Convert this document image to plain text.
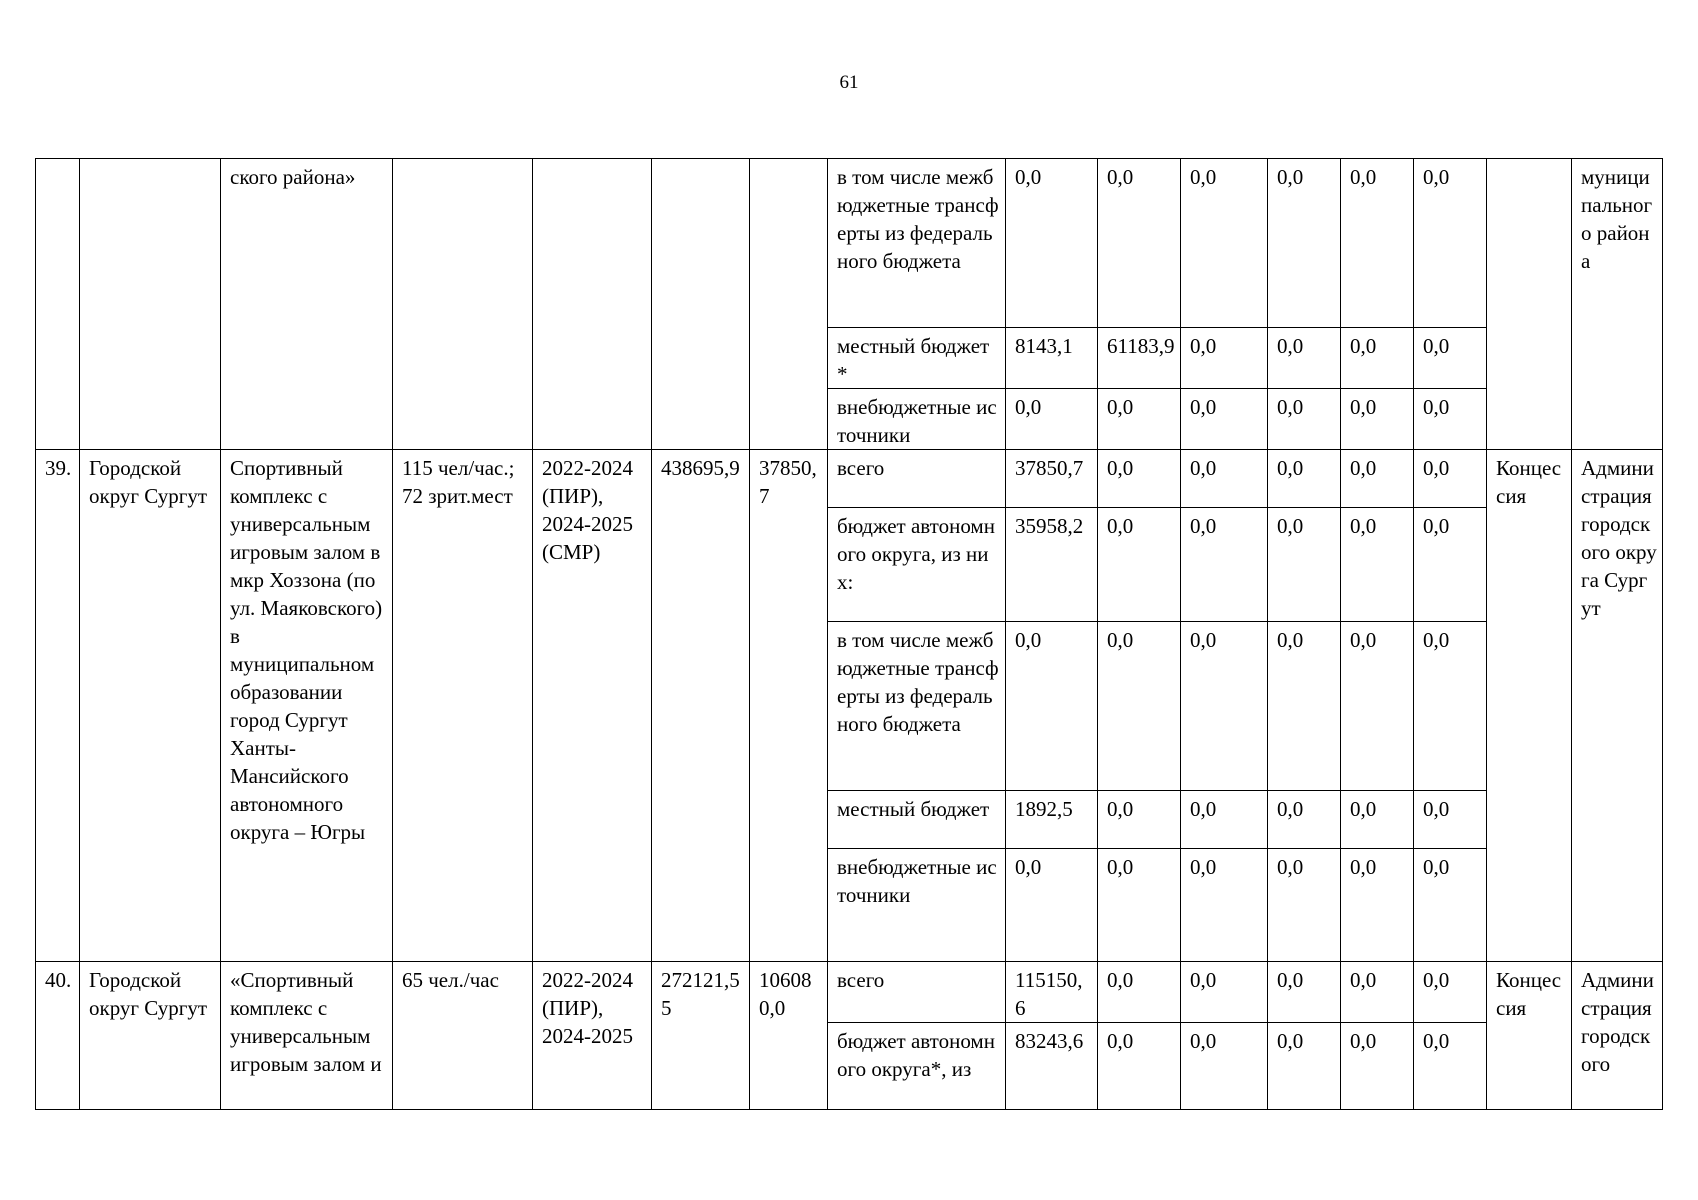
61
		ского района»					в том числе межбюджетные трансферты из федерального бюджета	0,0	0,0	0,0	0,0	0,0	0,0		муниципального района
							местный бюджет *	8143,1	61183,9	0,0	0,0	0,0	0,0		
							внебюджетные источники	0,0	0,0	0,0	0,0	0,0	0,0		
39.	Городской округ Сургут	Спортивный комплекс с универсальным игровым залом в мкр Хоззона (по ул. Маяковского) в муниципальном образовании город Сургут Ханты-Мансийского автономного округа – Югры	115 чел/час.; 72 зрит.мест	2022-2024 (ПИР), 2024-2025 (СМР)	438695,9	37850,7	всего	37850,7	0,0	0,0	0,0	0,0	0,0	Концессия	Администрация городского округа Сургут
							бюджет автономного округа, из них:	35958,2	0,0	0,0	0,0	0,0	0,0		
							в том числе межбюджетные трансферты из федерального бюджета	0,0	0,0	0,0	0,0	0,0	0,0		
							местный бюджет	1892,5	0,0	0,0	0,0	0,0	0,0		
							внебюджетные источники	0,0	0,0	0,0	0,0	0,0	0,0		
40.	Городской округ Сургут	«Спортивный комплекс с универсальным игровым залом и	65 чел./час	2022-2024 (ПИР), 2024-2025	272121,55	106080,0	всего	115150,6	0,0	0,0	0,0	0,0	0,0	Концессия	Администрация городского
							бюджет автономного округа*, из	83243,6	0,0	0,0	0,0	0,0	0,0		
